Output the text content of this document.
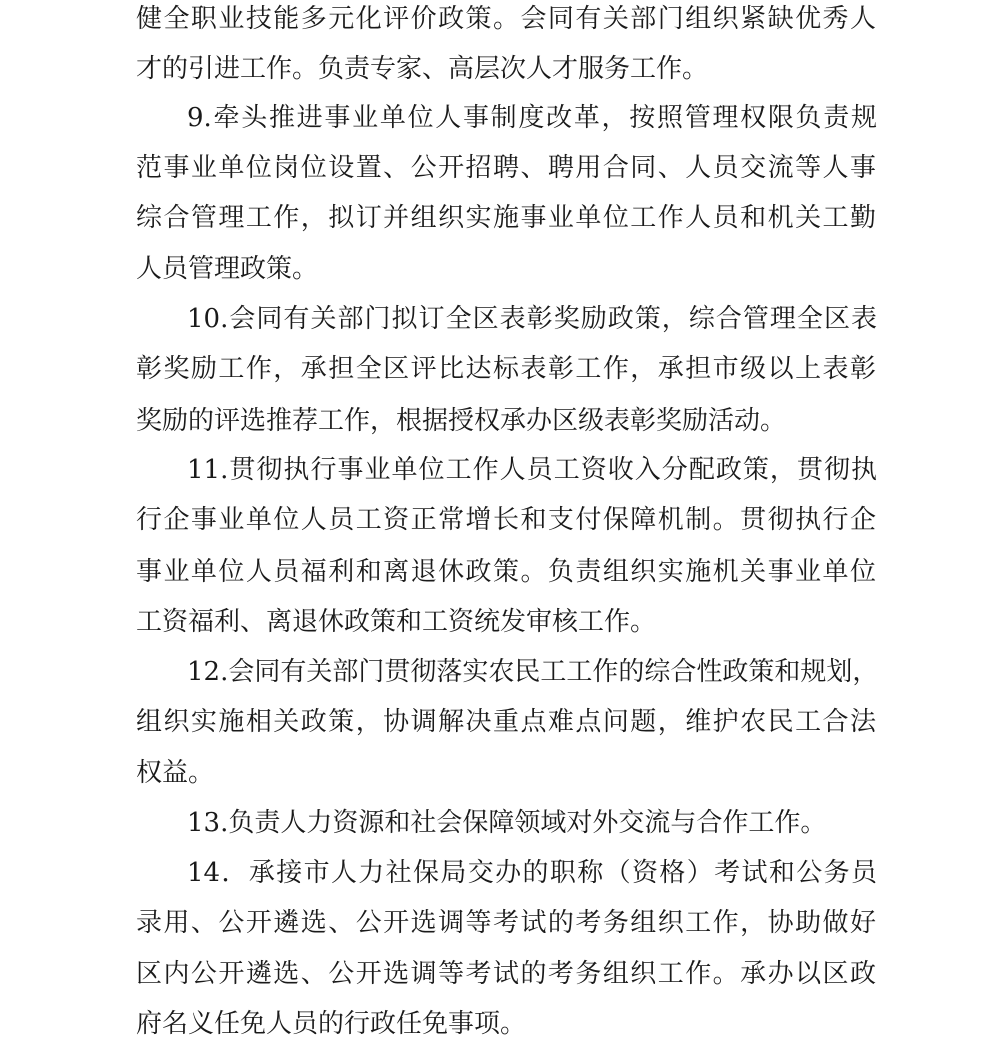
健全职业技能多元化评价政策。会同有关部门组织紧缺优秀人
才的引进工作。负责专家、高层次人才服务工作。
9.牵头推进事业单位人事制度改革，按照管理权限负责规
范事业单位岗位设置、公开招聘、聘用合同、人员交流等人事
综合管理工作，拟订并组织实施事业单位工作人员和机关工勤
人员管理政策。
10.会同有关部门拟订全区表彰奖励政策，综合管理全区表
彰奖励工作，承担全区评比达标表彰工作，承担市级以上表彰
奖励的评选推荐工作，根据授权承办区级表彰奖励活动。
11.贯彻执行事业单位工作人员工资收入分配政策，贯彻执
行企事业单位人员工资正常增长和支付保障机制。贯彻执行企
事业单位人员福利和离退休政策。负责组织实施机关事业单位
工资福利、离退休政策和工资统发审核工作。
12.会同有关部门贯彻落实农民工工作的综合性政策和规划，
组织实施相关政策，协调解决重点难点问题，维护农民工合法
权益。
13.负责人力资源和社会保障领域对外交流与合作工作。
14．承接市人力社保局交办的职称（资格）考试和公务员
录用、公开遴选、公开选调等考试的考务组织工作，协助做好
区内公开遴选、公开选调等考试的考务组织工作。承办以区政
府名义任免人员的行政任免事项。
